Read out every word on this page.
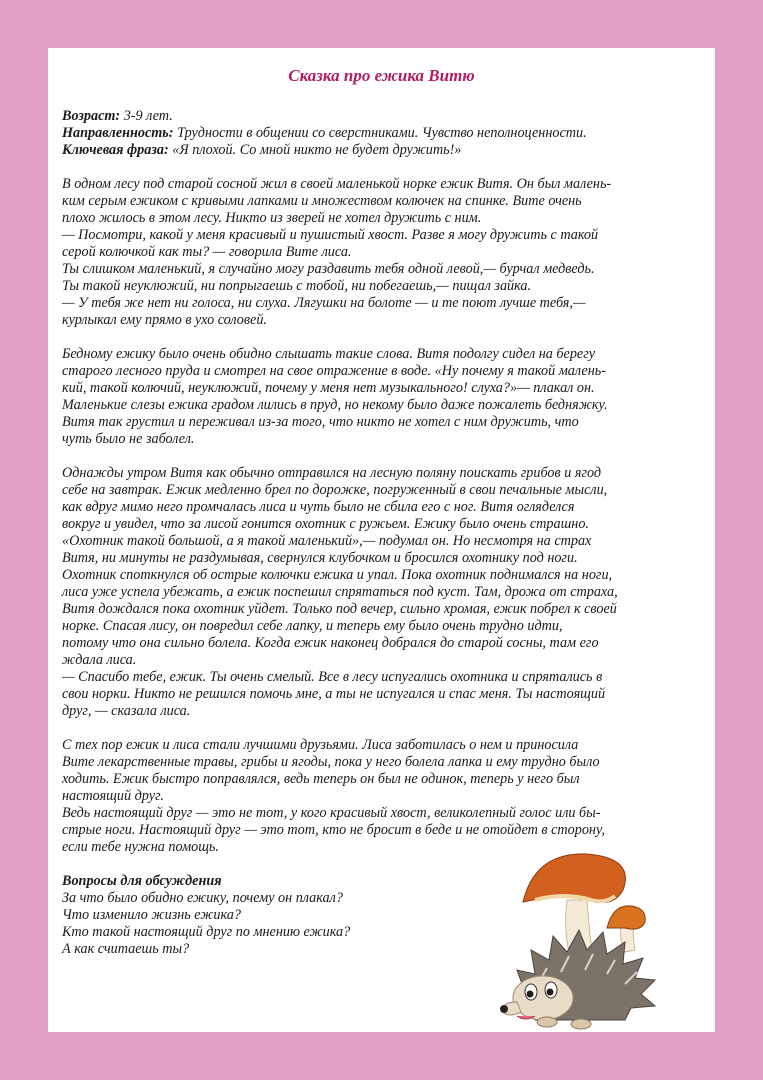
Сказка про ежика Витю

Возраст: 3-9 лет.

Направленность: Трудности в общении со сверстниками. Чувство неполноценности.

Ключевая фраза: «Я плохой. Со мной никто не будет дружить!»

В одном лесу под старой сосной жил в своей маленькой норке ежик Витя. Он был малень-

ким серым ежиком с кривыми лапками и множеством колючек на спинке. Вите очень

плохо жилось в этом лесу. Никто из зверей не хотел дружить с ним.

— Посмотри, какой у меня красивый и пушистый хвост. Разве я могу дружить с такой

серой колючкой как ты? — говорила Вите лиса.

Ты слишком маленький, я случайно могу раздавить тебя одной левой,— бурчал медведь.

Ты такой неуклюжий, ни попрыгаешь с тобой, ни побегаешь,— пищал зайка.

— У тебя же нет ни голоса, ни слуха. Лягушки на болоте — и те поют лучше тебя,—

курлыкал ему прямо в ухо соловей.

Бедному ежику было очень обидно слышать такие слова. Витя подолгу сидел на берегу

старого лесного пруда и смотрел на свое отражение в воде. «Ну почему я такой малень-

кий, такой колючий, неуклюжий, почему у меня нет музыкального! слуха?»— плакал он.

Маленькие слезы ежика градом лились в пруд, но некому было даже пожалеть бедняжку.

Витя так грустил и переживал из-за того, что никто не хотел с ним дружить, что

чуть было не заболел.

Однажды утром Витя как обычно отправился на лесную поляну поискать грибов и ягод

себе на завтрак. Ежик медленно брел по дорожке, погруженный в свои печальные мысли,

как вдруг мимо него промчалась лиса и чуть было не сбила его с ног. Витя огляделся

вокруг и увидел, что за лисой гонится охотник с ружьем. Ежику было очень страшно.

«Охотник такой большой, а я такой маленький»,— подумал он. Но несмотря на страх

Витя, ни минуты не раздумывая, свернулся клубочком и бросился охотнику под ноги.

Охотник споткнулся об острые колючки ежика и упал. Пока охотник поднимался на ноги,

лиса уже успела убежать, а ежик поспешил спрятаться под куст. Там, дрожа от страха,

Витя дождался пока охотник уйдет. Только под вечер, сильно хромая, ежик побрел к своей

норке. Спасая лису, он повредил себе лапку, и теперь ему было очень трудно идти,

потому что она сильно болела. Когда ежик наконец добрался до старой сосны, там его

ждала лиса.

— Спасибо тебе, ежик. Ты очень смелый. Все в лесу испугались охотника и спрятались в

свои норки. Никто не решился помочь мне, а ты не испугался и спас меня. Ты настоящий

друг, — сказала лиса.

С тех пор ежик и лиса стали лучшими друзьями. Лиса заботилась о нем и приносила

Вите лекарственные травы, грибы и ягоды, пока у него болела лапка и ему трудно было

ходить. Ежик быстро поправлялся, ведь теперь он был не одинок, теперь у него был

настоящий друг.

Ведь настоящий друг — это не тот, у кого красивый хвост, великолепный голос или бы-

стрые ноги. Настоящий друг — это тот, кто не бросит в беде и не отойдет в сторону,

если тебе нужна помощь.

Вопросы для обсуждения

За что было обидно ежику, почему он плакал?

Что изменило жизнь ежика?

Кто такой настоящий друг по мнению ежика?

А как считаешь ты?
